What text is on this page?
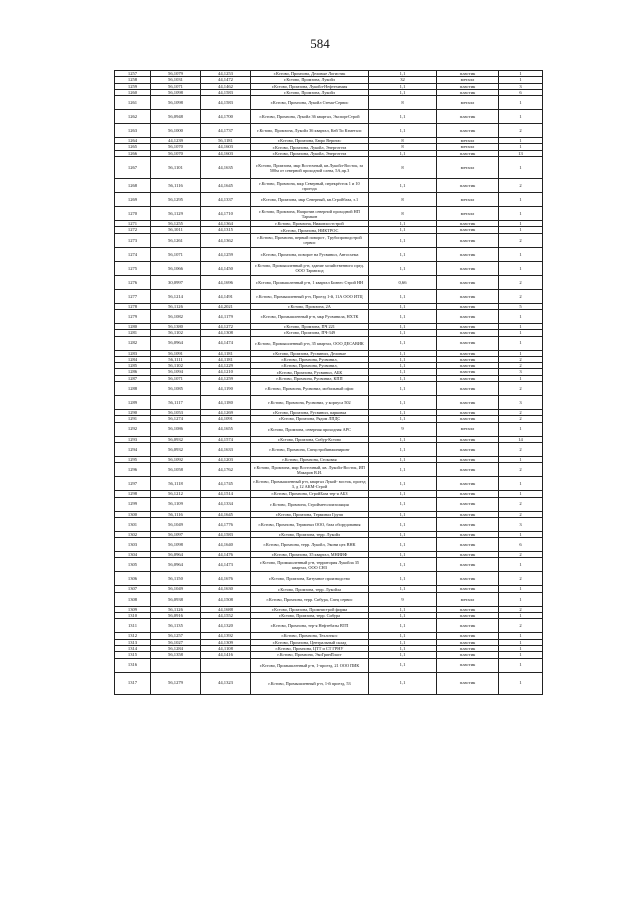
584
1257	56,1079	44,1253	г.Кстово, Промзона, Деловые Логистик	1,1	пластик	1
1258	56,1031	44,1472	г.Кстово, Промзона, Лукойл	32	металл	1
1259	56,1071	44,1462	г.Кстово, Промзона, Лукойл-Нефтехимия	1,1	пластик	3
1260	56,1098	44,1583	г.Кстово, Промзона, Лукойл	1,1	пластик	6
1261	56,1098	44,1583	г.Кстово, Промзона, Лукойл Стема-Сервис	8	металл	1
1262	56,0948	44,1700	г.Кстово, Промзона, Лукойл 36 квартал, ЭкспоргСтрой	1,1	пластик	1
1263	56,1000	44,1737	г.Кстово, Промзона, Лукойл 36 квартал, Кей Ти Кэметалс	1,1	пластик	2
1264	44,1239	56,1181	г.Кстово, Промзона, Бюро Веритас	8	металл	1
1265	56,1070	44,1603	г.Кстово, Промзона, Лукойл, Энерготэта	8	металл	1
1266	56,1070	44,1603	г.Кстово, Промзона, Лукойл, Энерготэта	1,1	пластик	13
1267	56,1101	44,1635	г.Кстово, Промзона, мкр Восточный, кв.Лукойл-Восток, за 500м от северной проходной слева, 5А,пр.3	8	металл	1
1268	56,1116	44,1645	г.Кстово, Промзона, мкр Северный, перекрёсток 1 и 10 проезда	1,1	пластик	2
1269	56,1295	44,1337	г.Кстово, Промзона, мкр Северный, кв.Стройбаза, з.1	8	металл	1
1270	56,1129	44,1710	г.Кстово, Промзона, Напротив северной проходной НП Тармкон	8	металл	1
1271	56,1255	44,1364	г.Кстово, Промзона, Нижовхостстрой	1,1	пластик	1
1272	56,1011	44,1315	г.Кстово, Промзона, НИКТРОС	1,1	пластик	1
1273	56,1261	44,1362	г.Кстово, Промзона, первый поворот , Трубопроводстрой сервис	1,1	пластик	2
1274	56,1071	44,1259	г.Кстово, Промзона, поворот на Русвинил, Автосхема	1,1	пластик	1
1275	56,1066	44,1450	г.Кстово, Промышленный р-н, здание хозяйственного пред. ООО Тармпход	1,1	пластик	1
1276	30,0997	44,1696	г.Кстово, Промышленный р-н, 1 квартал Бизнес Строй НН	0,66	пластик	2
1277	56,1214	44,1491	г.Кстово, Промышленный р-н, Проезд 1-й, 11А ООО ИТЦ	1,1	пластик	2
1278	56,1126	44,2021	г.Кстово, Промзона, 2А	1,1	пластик	5
1279	56,1082	44,1179	г.Кстово, Промышленный р-н, мкр Русвинила, НХТК	1,1	пластик	1
1280	56,1380	44,1272	г.Кстово, Промзона, ПЧ 221	1,1	пластик	1
1281	56,1102	44,1308	г.Кстово, Промзона, ПЧ-349	1,1	пластик	1
1282	56,0964	44,1474	г.Кстово, Промышленный р-н, 35 квартал, ООО ДЕСАВИК	1,1	пластик	1
1283	56,1091	44,1181	г.Кстово, Промзона, Русвинил, Деловые	1,1	пластик	1
1284	56,1111	44,1181	г.Кстово, Промзона, Русвинил,	1,1	пластик	2
1285	56,1102	44,1229	г.Кстово, Промзона, Русвинил,	1,1	пластик	2
1286	56,1094	44,1210	г.Кстово, Промзона, Русвинил, АБК	1,1	пластик	3
1287	56,1071	44,1259	г.Кстово, Промзона, Русвинил, КПП	1,1	пластик	1
1288	56,1085	44,1190	г.Кстово, Промзона, Русвинил, мобильный офис	1,1	пластик	2
1289	56,1117	44,1180	г.Кстово, Промзона, Русвинил, у корпуса 502	1,1	пластик	3
1290	56,1053	44,1269	г.Кстово, Промзона, Русвинил, парковка	1,1	пластик	2
1291	56,1274	44,1091	г.Кстово, Промзона, Рядом ЛПДС	1,1	пластик	2
1292	56,1086	44,1655	г.Кстово, Промзона, северная проходная АРС	9	металл	1
1293	56,0932	44,1574	г.Кстово, Промзона, Сибур-Кстово	1,1	пластик	14
1294	56,0932	44,1633	г.Кстово, Промзона, Спецстройинжиниринг	1,1	пластик	2
1295	56,1092	44,1203	г.Кстово, Промзона, Стоковая	1,1	пластик	1
1296	56,1058	44,1762	г.Кстово, Промзона, мкр Восточный, кв. Лукойл-Восток, ИП Макаров В.И.	1,1	пластик	2
1297	56,1118	44,1745	г.Кстово, Промышленный р-н, квартал Лукой- восток, проезд 3, д 12 АКМ-Строй	1,1	пластик	1
1298	56,1212	44,1514	г.Кстово, Промзона, СтройБаза тер-я АБЗ	1,1	пластик	1
1299	56,1109	44,1334	г.Кстово, Промзона, Стройметолоизоляция	1,1	пластик	2
1300	56,1116	44,1645	г.Кстово, Промзона, Терминал Групп	1,1	пластик	2
1301	56,1049	44,1776	г.Кстово, Промзона, Терминал ООО, база оборудования	1,1	пластик	3
1302	56,1097	44,1583	г.Кстово, Промзона, терр. Лукойл	1,1	пластик	1
1303	56,1098	44,1640	г.Кстово, Промзона, терр. Лукойл, Экони цех ВНК	1,1	пластик	6
1304	56,0964	44,1476	г.Кстово, Промзона, 35 квартал, МНИИФ	1,1	пластик	2
1305	56,0964	44,1473	г.Кстово, Промышленный р-н, территория Лукойла 35 квартал, ООО СНЗ	1,1	пластик	1
1306	56,1150	44,1676	г.Кстово, Промзона, Битумное производство	1,1	пластик	2
1307	56,1049	44,1630	г.Кстово, Промзона, терр. Лукойла	1,1	пластик	1
1308	56,0938	44,1508	г.Кстово, Промзона, терр. Сибура, Спец сервис	9	металл	1
1309	56,1126	44,1688	г.Кстово, Промзона, Промнистрой фирма	1,1	пластик	2
1310	56,0916	44,1552	г.Кстово, Промзона, терр. Сибура	1,1	пластик	1
1311	56,1135	44,1320	г.Кстово, Промзона, тер-я Нефтебазы ВТП	1,1	пластик	2
1312	56,1257	44,1392	г.Кстово, Промзона, Техлоткос	1,1	пластик	1
1313	56,1027	44,1309	г.Кстово, Промзона, Центральный склад	1,1	пластик	1
1314	56,1284	44,1108	г.Кстово, Промзона, ЦТТ и СТ ГРНУ	1,1	пластик	1
1315	56,1358	44,1416	г.Кстово, Промзона, ЭкоГринПласт	1,1	пластик	1
1316			г.Кстово, Промышленный р-н, 1-проезд, 21 ООО ПИК	1,1	пластик	1
1317	56,1279	44,1323	г.Кстово, Промышленный р-н, 1-й проезд, 53	1,1	пластик	1
